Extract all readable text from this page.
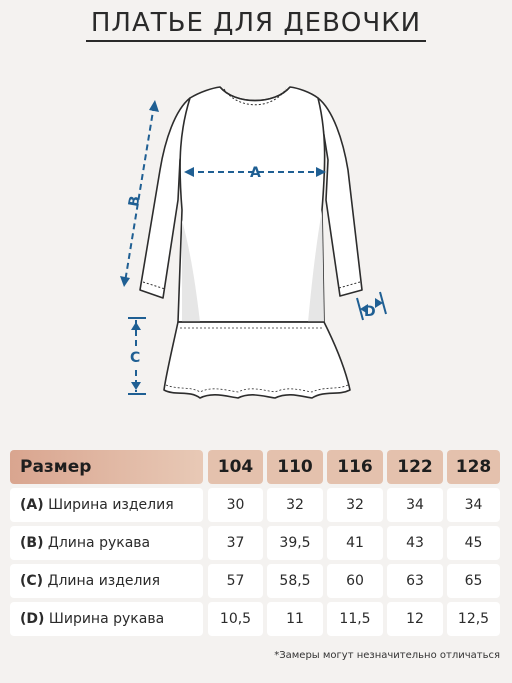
ПЛАТЬЕ ДЛЯ ДЕВОЧКИ
A
B
C
D
Размер	104	110	116	122	128
(A) Ширина изделия	30	32	32	34	34
(B) Длина рукава	37	39,5	41	43	45
(C) Длина изделия	57	58,5	60	63	65
(D) Ширина рукава	10,5	11	11,5	12	12,5
*Замеры могут незначительно отличаться
